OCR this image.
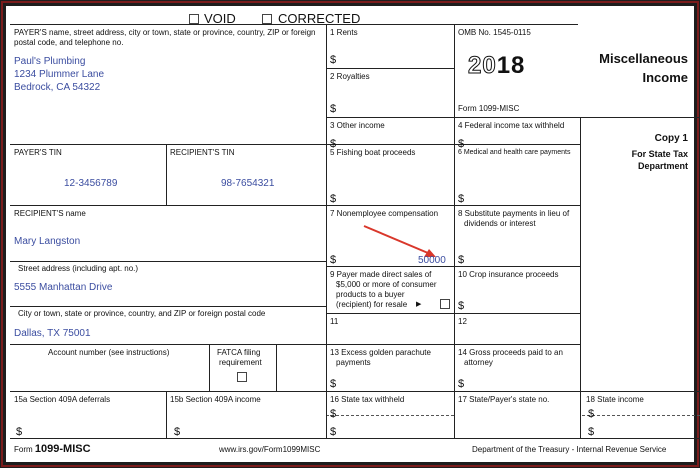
VOID	CORRECTED
PAYER'S name, street address, city or town, state or province, country, ZIP or foreign postal code, and telephone no.
Paul's Plumbing
1234 Plummer Lane
Bedrock, CA 54322
1 Rents
$
2 Royalties
$
OMB No. 1545-0115
2018
Form 1099-MISC
Miscellaneous
Income
3 Other income
$
4 Federal income tax withheld
$	Copy 1
For State Tax
Department
PAYER'S TIN
12-3456789
RECIPIENT'S TIN
98-7654321
5 Fishing boat proceeds
$
6 Medical and health care payments
$
RECIPIENT'S name
Mary Langston
Street address (including apt. no.)
5555 Manhattan Drive
City or town, state or province, country, and ZIP or foreign postal code
Dallas, TX 75001
7 Nonemployee compensation
$	50000
8 Substitute payments in lieu of
dividends or interest
$
9 Payer made direct sales of
$5,000 or more of consumer
products to a buyer
(recipient) for resale ▶
10 Crop insurance proceeds
$
11	12
Account number (see instructions)	FATCA filing
requirement
13 Excess golden parachute
payments
$
14 Gross proceeds paid to an
attorney
$
15a Section 409A deferrals
$
15b Section 409A income
$
16 State tax withheld
$
$
17 State/Payer's state no.	18 State income
$
$
Form 1099-MISC	www.irs.gov/Form1099MISC	Department of the Treasury - Internal Revenue Service
